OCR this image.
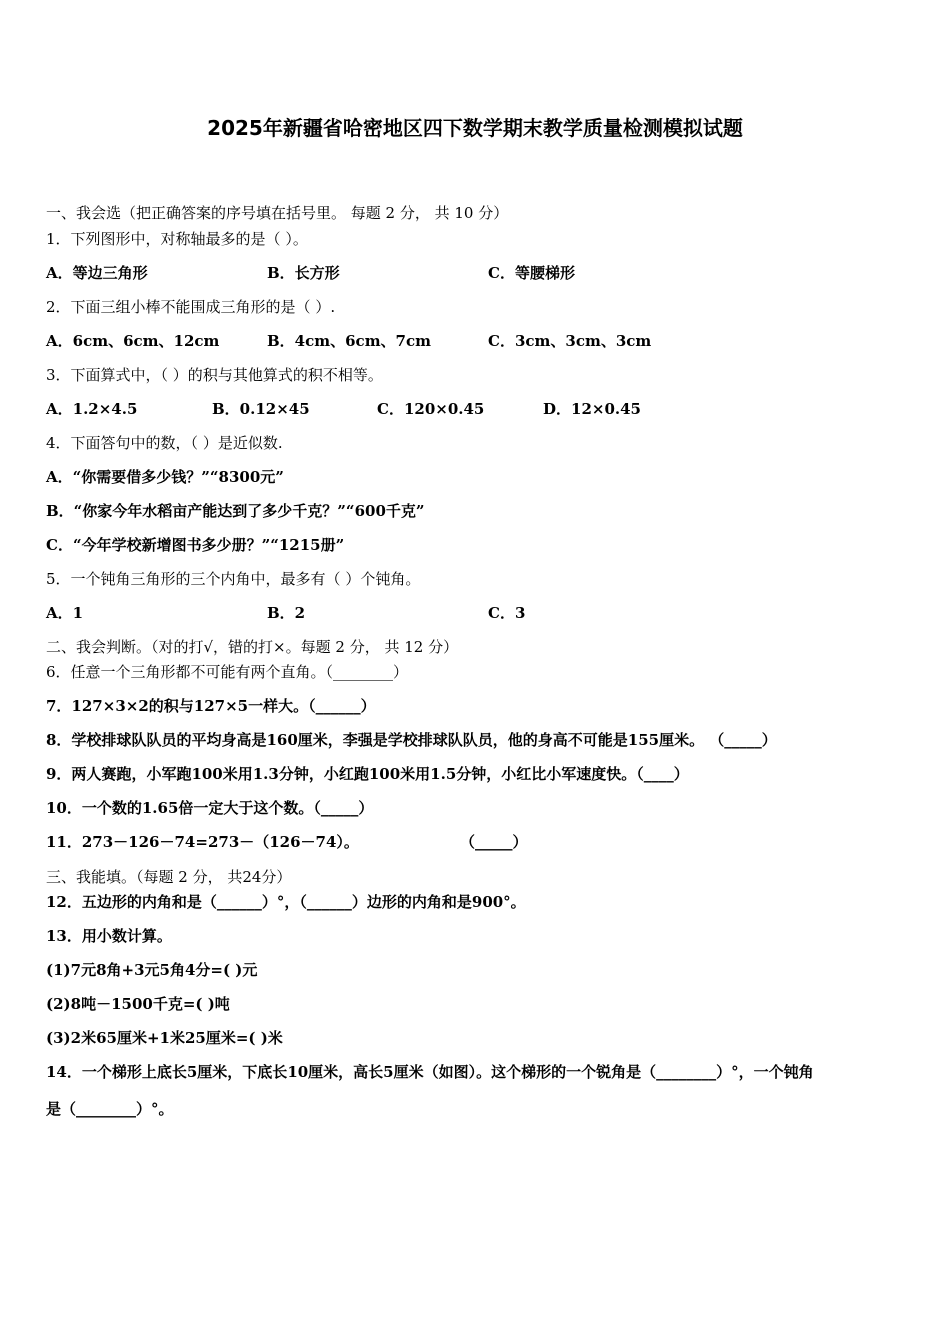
2025年新疆省哈密地区四下数学期末教学质量检测模拟试题
一、我会选（把正确答案的序号填在括号里。 每题 2 分， 共 10 分）
1．下列图形中，对称轴最多的是（ ）。
A．等边三角形	B．长方形	C．等腰梯形
2．下面三组小棒不能围成三角形的是（ ）.
A．6cm、6cm、12cm	B．4cm、6cm、7cm	C．3cm、3cm、3cm
3．下面算式中，（ ）的积与其他算式的积不相等。
A．1.2×4.5	B．0.12×45	C．120×0.45	D．12×0.45
4．下面答句中的数，（ ）是近似数.
A．“你需要借多少钱？”“8300元”
B．“你家今年水稻亩产能达到了多少千克？”“600千克”
C．“今年学校新增图书多少册？”“1215册”
5．一个钝角三角形的三个内角中，最多有（ ）个钝角。
A．1	B．2	C．3
二、我会判断。（对的打√，错的打×。每题 2 分， 共 12 分）
6．任意一个三角形都不可能有两个直角。（________）
7．127×3×2的积与127×5一样大。（______）
8．学校排球队队员的平均身高是160厘米，李强是学校排球队队员，他的身高不可能是155厘米。 （_____）
9．两人赛跑，小军跑100米用1.3分钟，小红跑100米用1.5分钟，小红比小军速度快。（____）
10．一个数的1.65倍一定大于这个数。（_____）
11．273－126－74=273－（126－74）。	（_____）
三、我能填。（每题 2 分， 共24分）
12．五边形的内角和是（______）°，（______）边形的内角和是900°。
13．用小数计算。
(1)7元8角+3元5角4分=( )元
(2)8吨－1500千克=( )吨
(3)2米65厘米+1米25厘米=( )米
14．一个梯形上底长5厘米，下底长10厘米，高长5厘米（如图）。这个梯形的一个锐角是（________）°，一个钝角
是（________）°。
